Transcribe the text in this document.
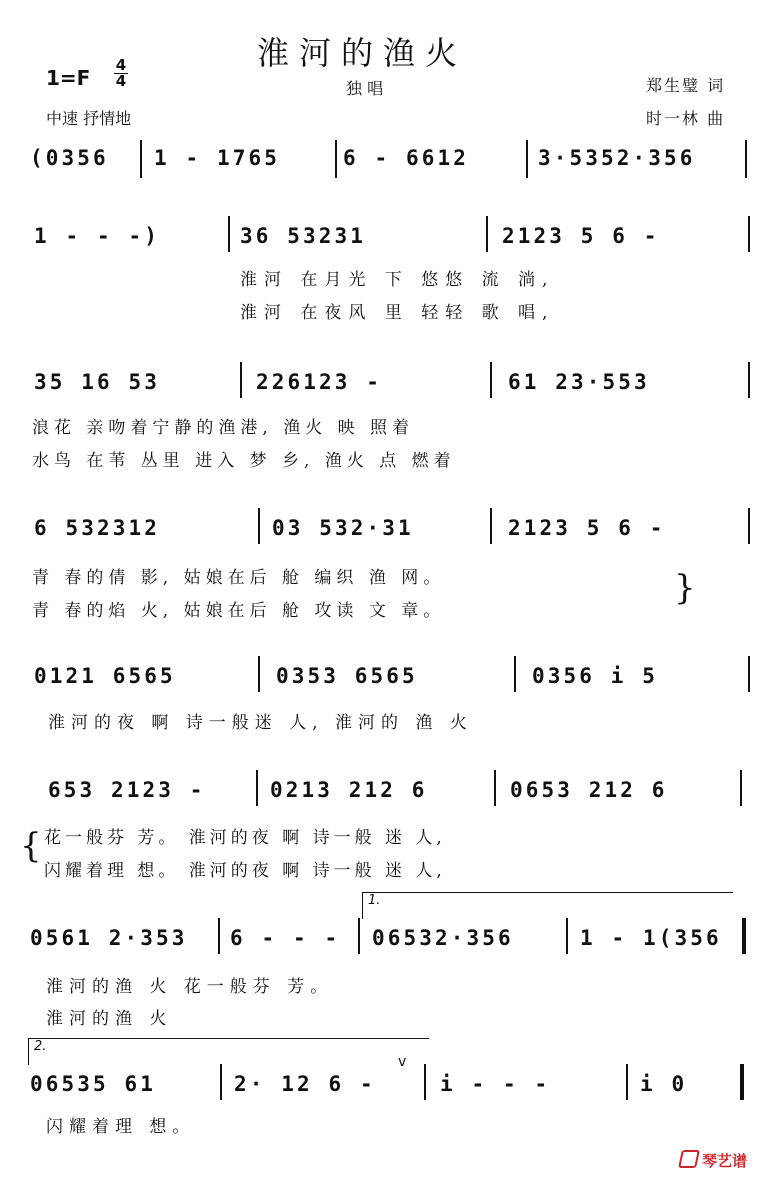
淮河的渔火
$1=F \frac{4}{4}$	独 唱	郑生璧 词
时一林 曲
中速 抒情地
(0356 1 - 1765	6 - 6612	3·5352·356
1 - - -)	36 53231	2123 5 6 -
淮河 在月光 下 悠悠 流 淌,
淮河 在夜风 里 轻轻 歌 唱,
35 16 53	226123 -	61 23·553
浪花 亲吻着宁静的渔港, 渔火 映 照着
水鸟 在苇 丛里 进入 梦 乡, 渔火 点 燃着
6 532312	03 532·31	2123 5 6 -
青 春的倩 影, 姑娘在后 舱 编织 渔 网。
青 春的焰 火, 姑娘在后 舱 攻读 文 章。
}
0121 6565	0353 6565	0356 i 5
淮河的夜 啊 诗一般迷 人, 淮河的 渔 火
653 2123 -	0213 212 6	0653 212 6
{ 花一般芬 芳。 淮河的夜 啊 诗一般 迷 人,
闪耀着理 想。 淮河的夜 啊 诗一般 迷 人,
0561 2·353 6 - - -
1.
06532·356	1 - 1(356
淮河的渔 火 花一般芬 芳。
淮河的渔 火
2.
06535 61	2· 12 6 -
v
i - - -	i 0
闪耀着理 想。
琴艺谱
